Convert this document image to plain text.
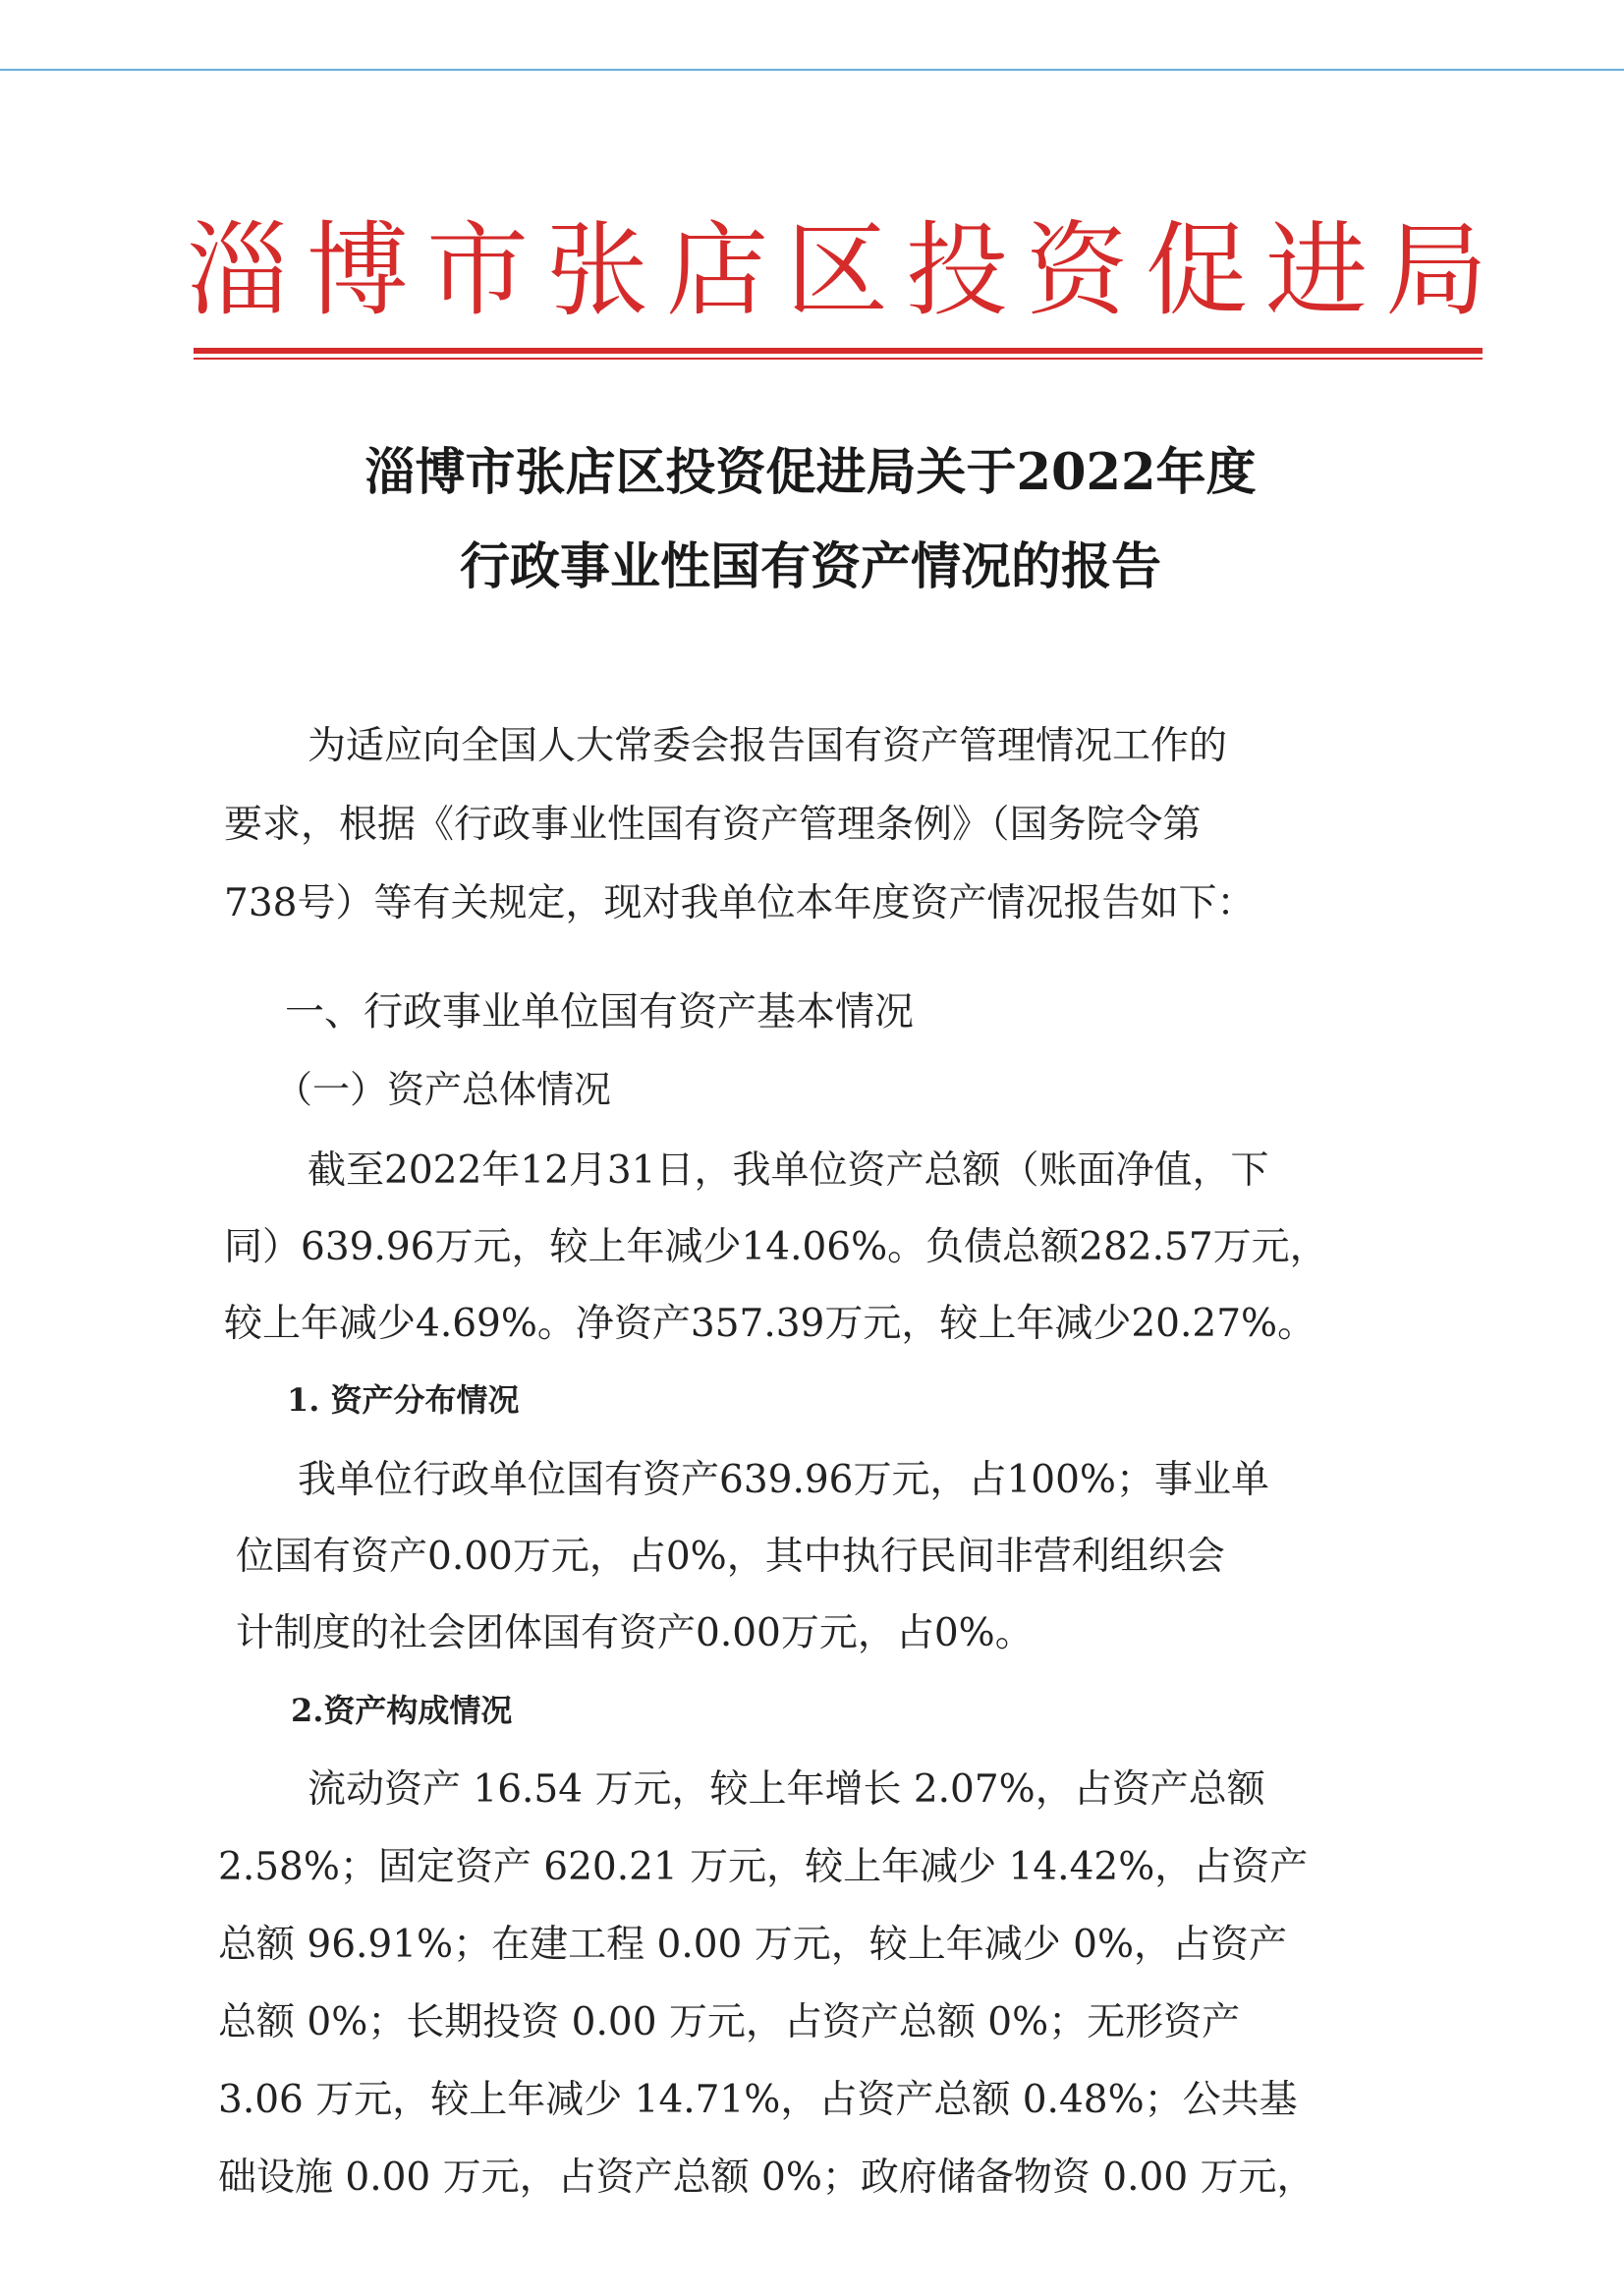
淄博市张店区投资促进局
淄博市张店区投资促进局关于2022年度
行政事业性国有资产情况的报告
为适应向全国人大常委会报告国有资产管理情况工作的
要求，根据《行政事业性国有资产管理条例》（国务院令第
738号）等有关规定，现对我单位本年度资产情况报告如下：
一、行政事业单位国有资产基本情况
（一）资产总体情况
截至2022年12月31日，我单位资产总额（账面净值，下
同）639.96万元，较上年减少14.06%。负债总额282.57万元，
较上年减少4.69%。净资产357.39万元，较上年减少20.27%。
1. 资产分布情况
我单位行政单位国有资产639.96万元，占100%；事业单
位国有资产0.00万元，占0%，其中执行民间非营利组织会
计制度的社会团体国有资产0.00万元，占0%。
2.资产构成情况
流动资产 16.54 万元，较上年增长 2.07%，占资产总额
2.58%；固定资产 620.21 万元，较上年减少 14.42%，占资产
总额 96.91%；在建工程 0.00 万元，较上年减少 0%，占资产
总额 0%；长期投资 0.00 万元，占资产总额 0%；无形资产
3.06 万元，较上年减少 14.71%，占资产总额 0.48%；公共基
础设施 0.00 万元，占资产总额 0%；政府储备物资 0.00 万元，
